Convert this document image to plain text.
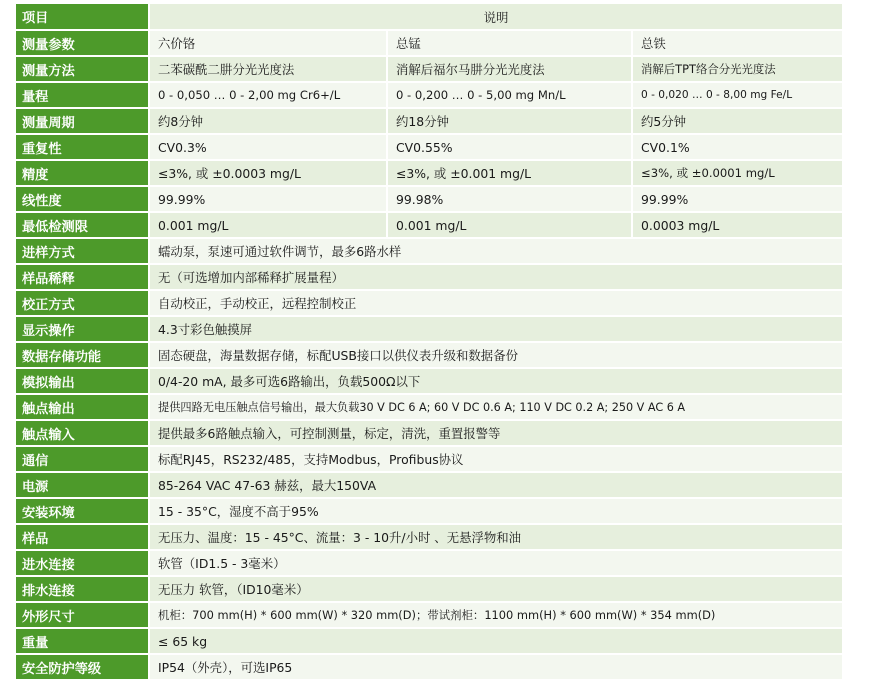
项目	说明		
测量参数	六价铬	总锰	总铁
测量方法	二苯碳酰二肼分光光度法	消解后福尔马肼分光光度法	消解后TPT络合分光光度法
量程	0 - 0,050 … 0 - 2,00 mg Cr6+/L	0 - 0,200 … 0 - 5,00 mg Mn/L	0 - 0,020 … 0 - 8,00 mg Fe/L
测量周期	约8分钟	约18分钟	约5分钟
重复性	CV0.3%	CV0.55%	CV0.1%
精度	≤3%, 或 ±0.0003 mg/L	≤3%, 或 ±0.001 mg/L	≤3%, 或 ±0.0001 mg/L
线性度	99.99%	99.98%	99.99%
最低检测限	0.001 mg/L	0.001 mg/L	0.0003 mg/L
进样方式	蠕动泵，泵速可通过软件调节，最多6路水样		
样品稀释	无（可选增加内部稀释扩展量程）		
校正方式	自动校正，手动校正，远程控制校正		
显示操作	4.3寸彩色触摸屏		
数据存储功能	固态硬盘，海量数据存储，标配USB接口以供仪表升级和数据备份		
模拟输出	0/4-20 mA, 最多可选6路输出，负载500Ω以下		
触点输出	提供四路无电压触点信号输出，最大负载30 V DC 6 A; 60 V DC 0.6 A; 110 V DC 0.2 A; 250 V AC 6 A		
触点输入	提供最多6路触点输入，可控制测量，标定，清洗，重置报警等		
通信	标配RJ45，RS232/485，支持Modbus，Profibus协议		
电源	85-264 VAC 47-63 赫兹，最大150VA		
安装环境	15 - 35°C，湿度不高于95%		
样品	无压力、温度：15 - 45°C、流量：3 - 10升/小时 、无悬浮物和油		
进水连接	软管（ID1.5 - 3毫米）		
排水连接	无压力 软管，（ID10毫米）		
外形尺寸	机柜：700 mm(H) * 600 mm(W) * 320 mm(D)；带试剂柜：1100 mm(H) * 600 mm(W) * 354 mm(D)		
重量	≤ 65 kg		
安全防护等级	IP54（外壳），可选IP65		
